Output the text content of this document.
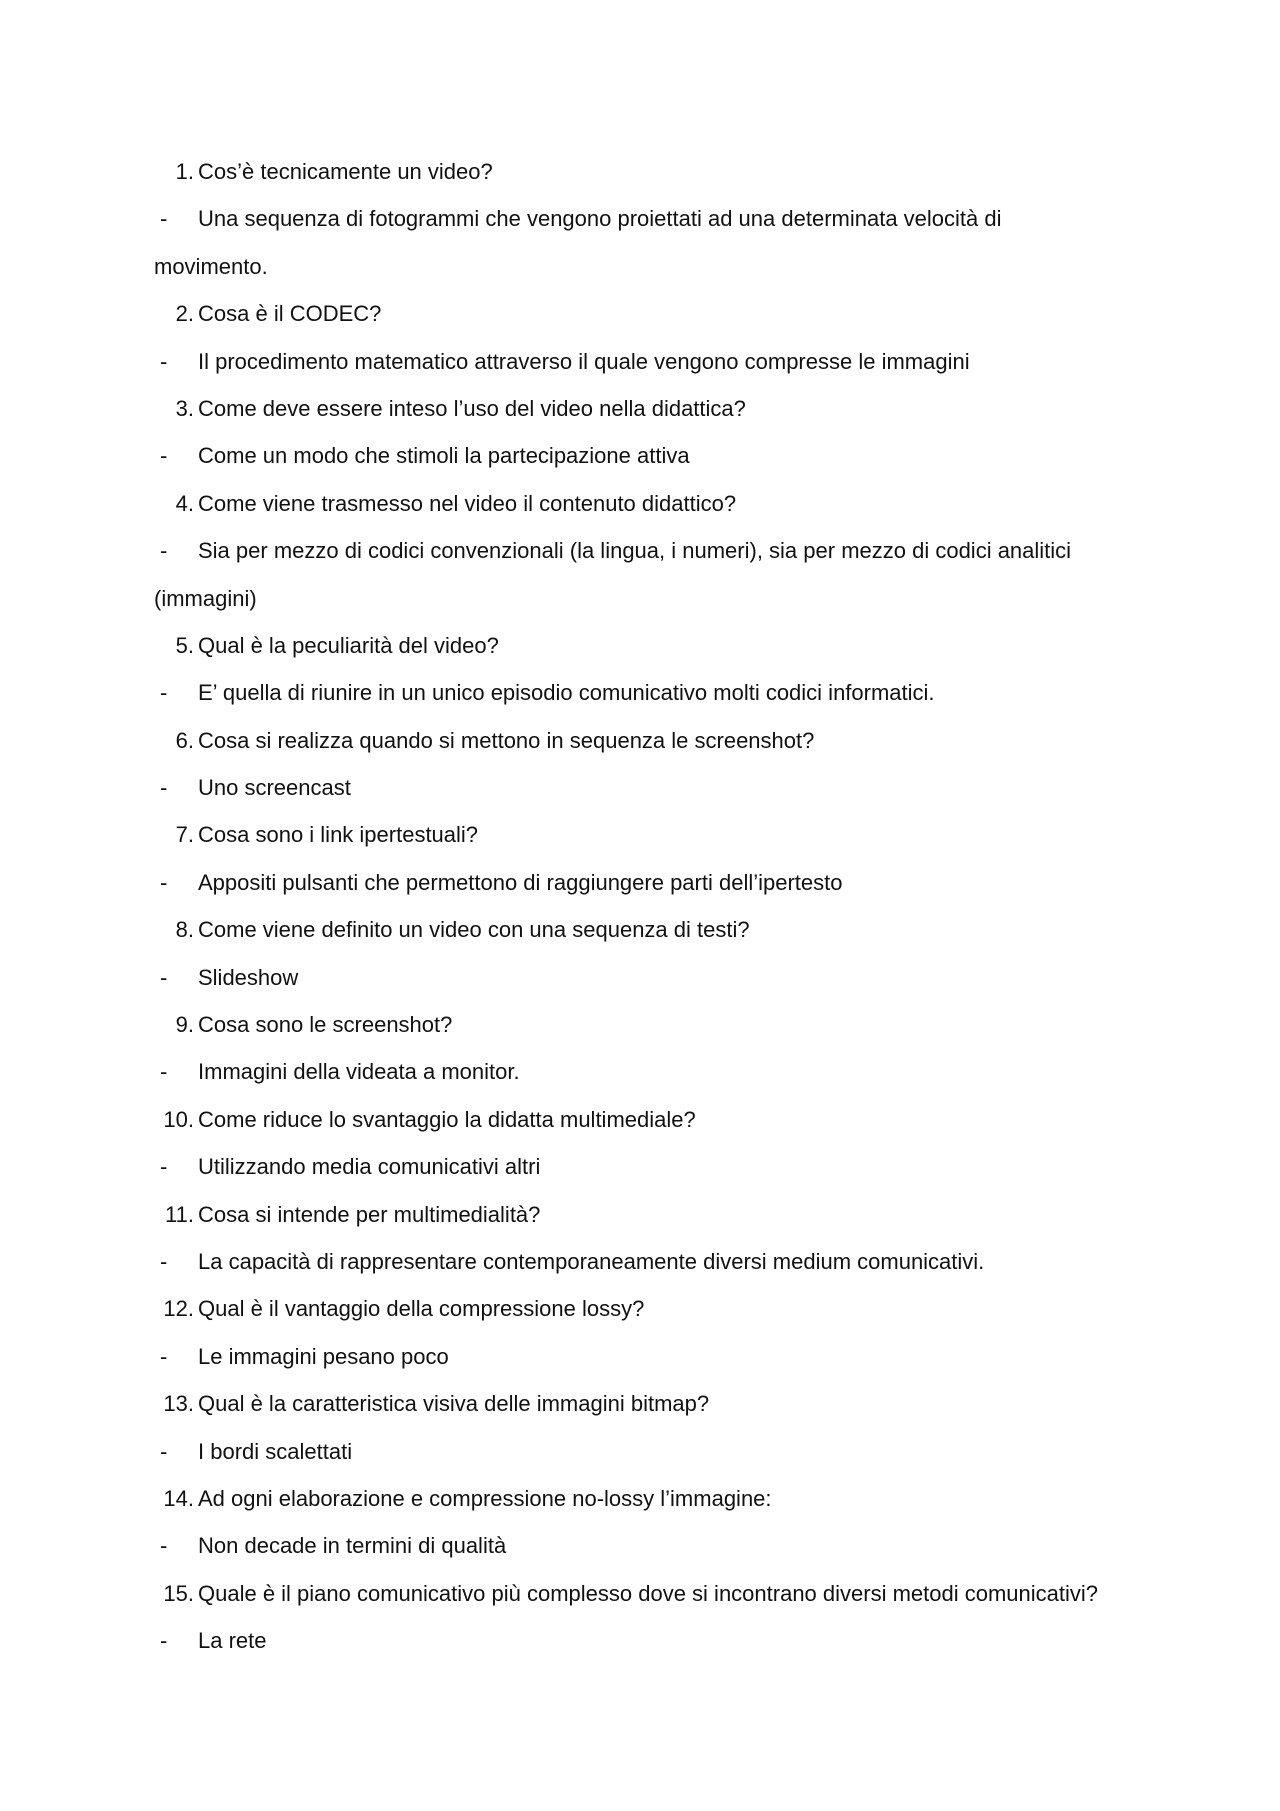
1. Cos’è tecnicamente un video?
-	Una sequenza di fotogrammi che vengono proiettati ad una determinata velocità di
movimento.
2. Cosa è il CODEC?
-	Il procedimento matematico attraverso il quale vengono compresse le immagini
3. Come deve essere inteso l’uso del video nella didattica?
-	Come un modo che stimoli la partecipazione attiva
4. Come viene trasmesso nel video il contenuto didattico?
-	Sia per mezzo di codici convenzionali (la lingua, i numeri), sia per mezzo di codici analitici
(immagini)
5. Qual è la peculiarità del video?
-	E’ quella di riunire in un unico episodio comunicativo molti codici informatici.
6. Cosa si realizza quando si mettono in sequenza le screenshot?
-	Uno screencast
7. Cosa sono i link ipertestuali?
-	Appositi pulsanti che permettono di raggiungere parti dell’ipertesto
8. Come viene definito un video con una sequenza di testi?
-	Slideshow
9. Cosa sono le screenshot?
-	Immagini della videata a monitor.
10. Come riduce lo svantaggio la didatta multimediale?
-	Utilizzando media comunicativi altri
11. Cosa si intende per multimedialità?
-	La capacità di rappresentare contemporaneamente diversi medium comunicativi.
12. Qual è il vantaggio della compressione lossy?
-	Le immagini pesano poco
13. Qual è la caratteristica visiva delle immagini bitmap?
-	I bordi scalettati
14. Ad ogni elaborazione e compressione no-lossy l’immagine:
-	Non decade in termini di qualità
15. Quale è il piano comunicativo più complesso dove si incontrano diversi metodi comunicativi?
-	La rete
